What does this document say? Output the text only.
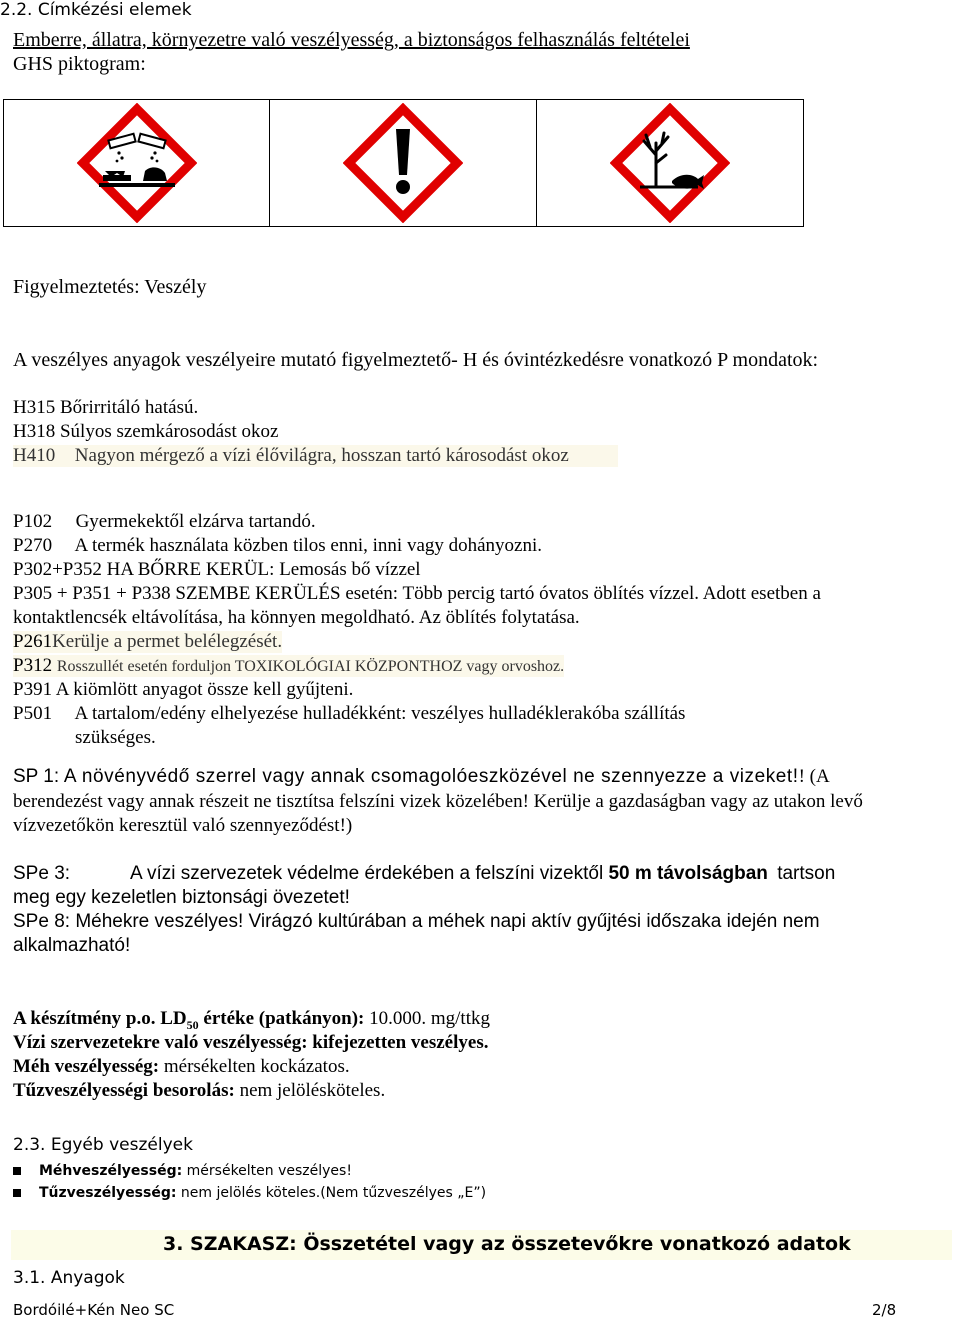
2.2. Címkézési elemek
Emberre, állatra, környezetre való veszélyesség, a biztonságos felhasználás feltételei
GHS piktogram:
Figyelmeztetés: Veszély
A veszélyes anyagok veszélyeire mutató figyelmeztető- H és óvintézkedésre vonatkozó P mondatok:
H315 Bőrirritáló hatású.
H318 Súlyos szemkárosodást okoz
H410 Nagyon mérgező a vízi élővilágra, hosszan tartó károsodást okoz
P102 Gyermekektől elzárva tartandó.
P270 A termék használata közben tilos enni, inni vagy dohányozni.
P302+P352 HA BŐRRE KERÜL: Lemosás bő vízzel
P305 + P351 + P338 SZEMBE KERÜLÉS esetén: Több percig tartó óvatos öblítés vízzel. Adott esetben a
kontaktlencsék eltávolítása, ha könnyen megoldható. Az öblítés folytatása.
P261Kerülje a permet belélegzését.
P312 Rosszullét esetén forduljon TOXIKOLÓGIAI KÖZPONTHOZ vagy orvoshoz.
P391 A kiömlött anyagot össze kell gyűjteni.
P501 A tartalom/edény elhelyezése hulladékként: veszélyes hulladéklerakóba szállítás
szükséges.
SP 1: A növényvédő szerrel vagy annak csomagolóeszközével ne szennyezze a vizeket!! (A
berendezést vagy annak részeit ne tisztítsa felszíni vizek közelében! Kerülje a gazdaságban vagy az utakon levő
vízvezetőkön keresztül való szennyeződést!)
SPe 3:	A vízi szervezetek védelme érdekében a felszíni vizektől 50 m távolságban tartson
meg egy kezeletlen biztonsági övezetet!
SPe 8: Méhekre veszélyes! Virágzó kultúrában a méhek napi aktív gyűjtési időszaka idején nem
alkalmazható!
A készítmény p.o. $LD_{50}$ értéke (patkányon): 10.000. mg/ttkg
Vízi szervezetekre való veszélyesség: kifejezetten veszélyes.
Méh veszélyesség: mérsékelten kockázatos.
Tűzveszélyességi besorolás: nem jelölésköteles.
2.3. Egyéb veszélyek
Méhveszélyesség: mérsékelten veszélyes!
Tűzveszélyesség: nem jelölés köteles.(Nem tűzveszélyes „E”)
3. SZAKASZ: Összetétel vagy az összetevőkre vonatkozó adatok
3.1. Anyagok
Bordóilé+Kén Neo SC	2/8
